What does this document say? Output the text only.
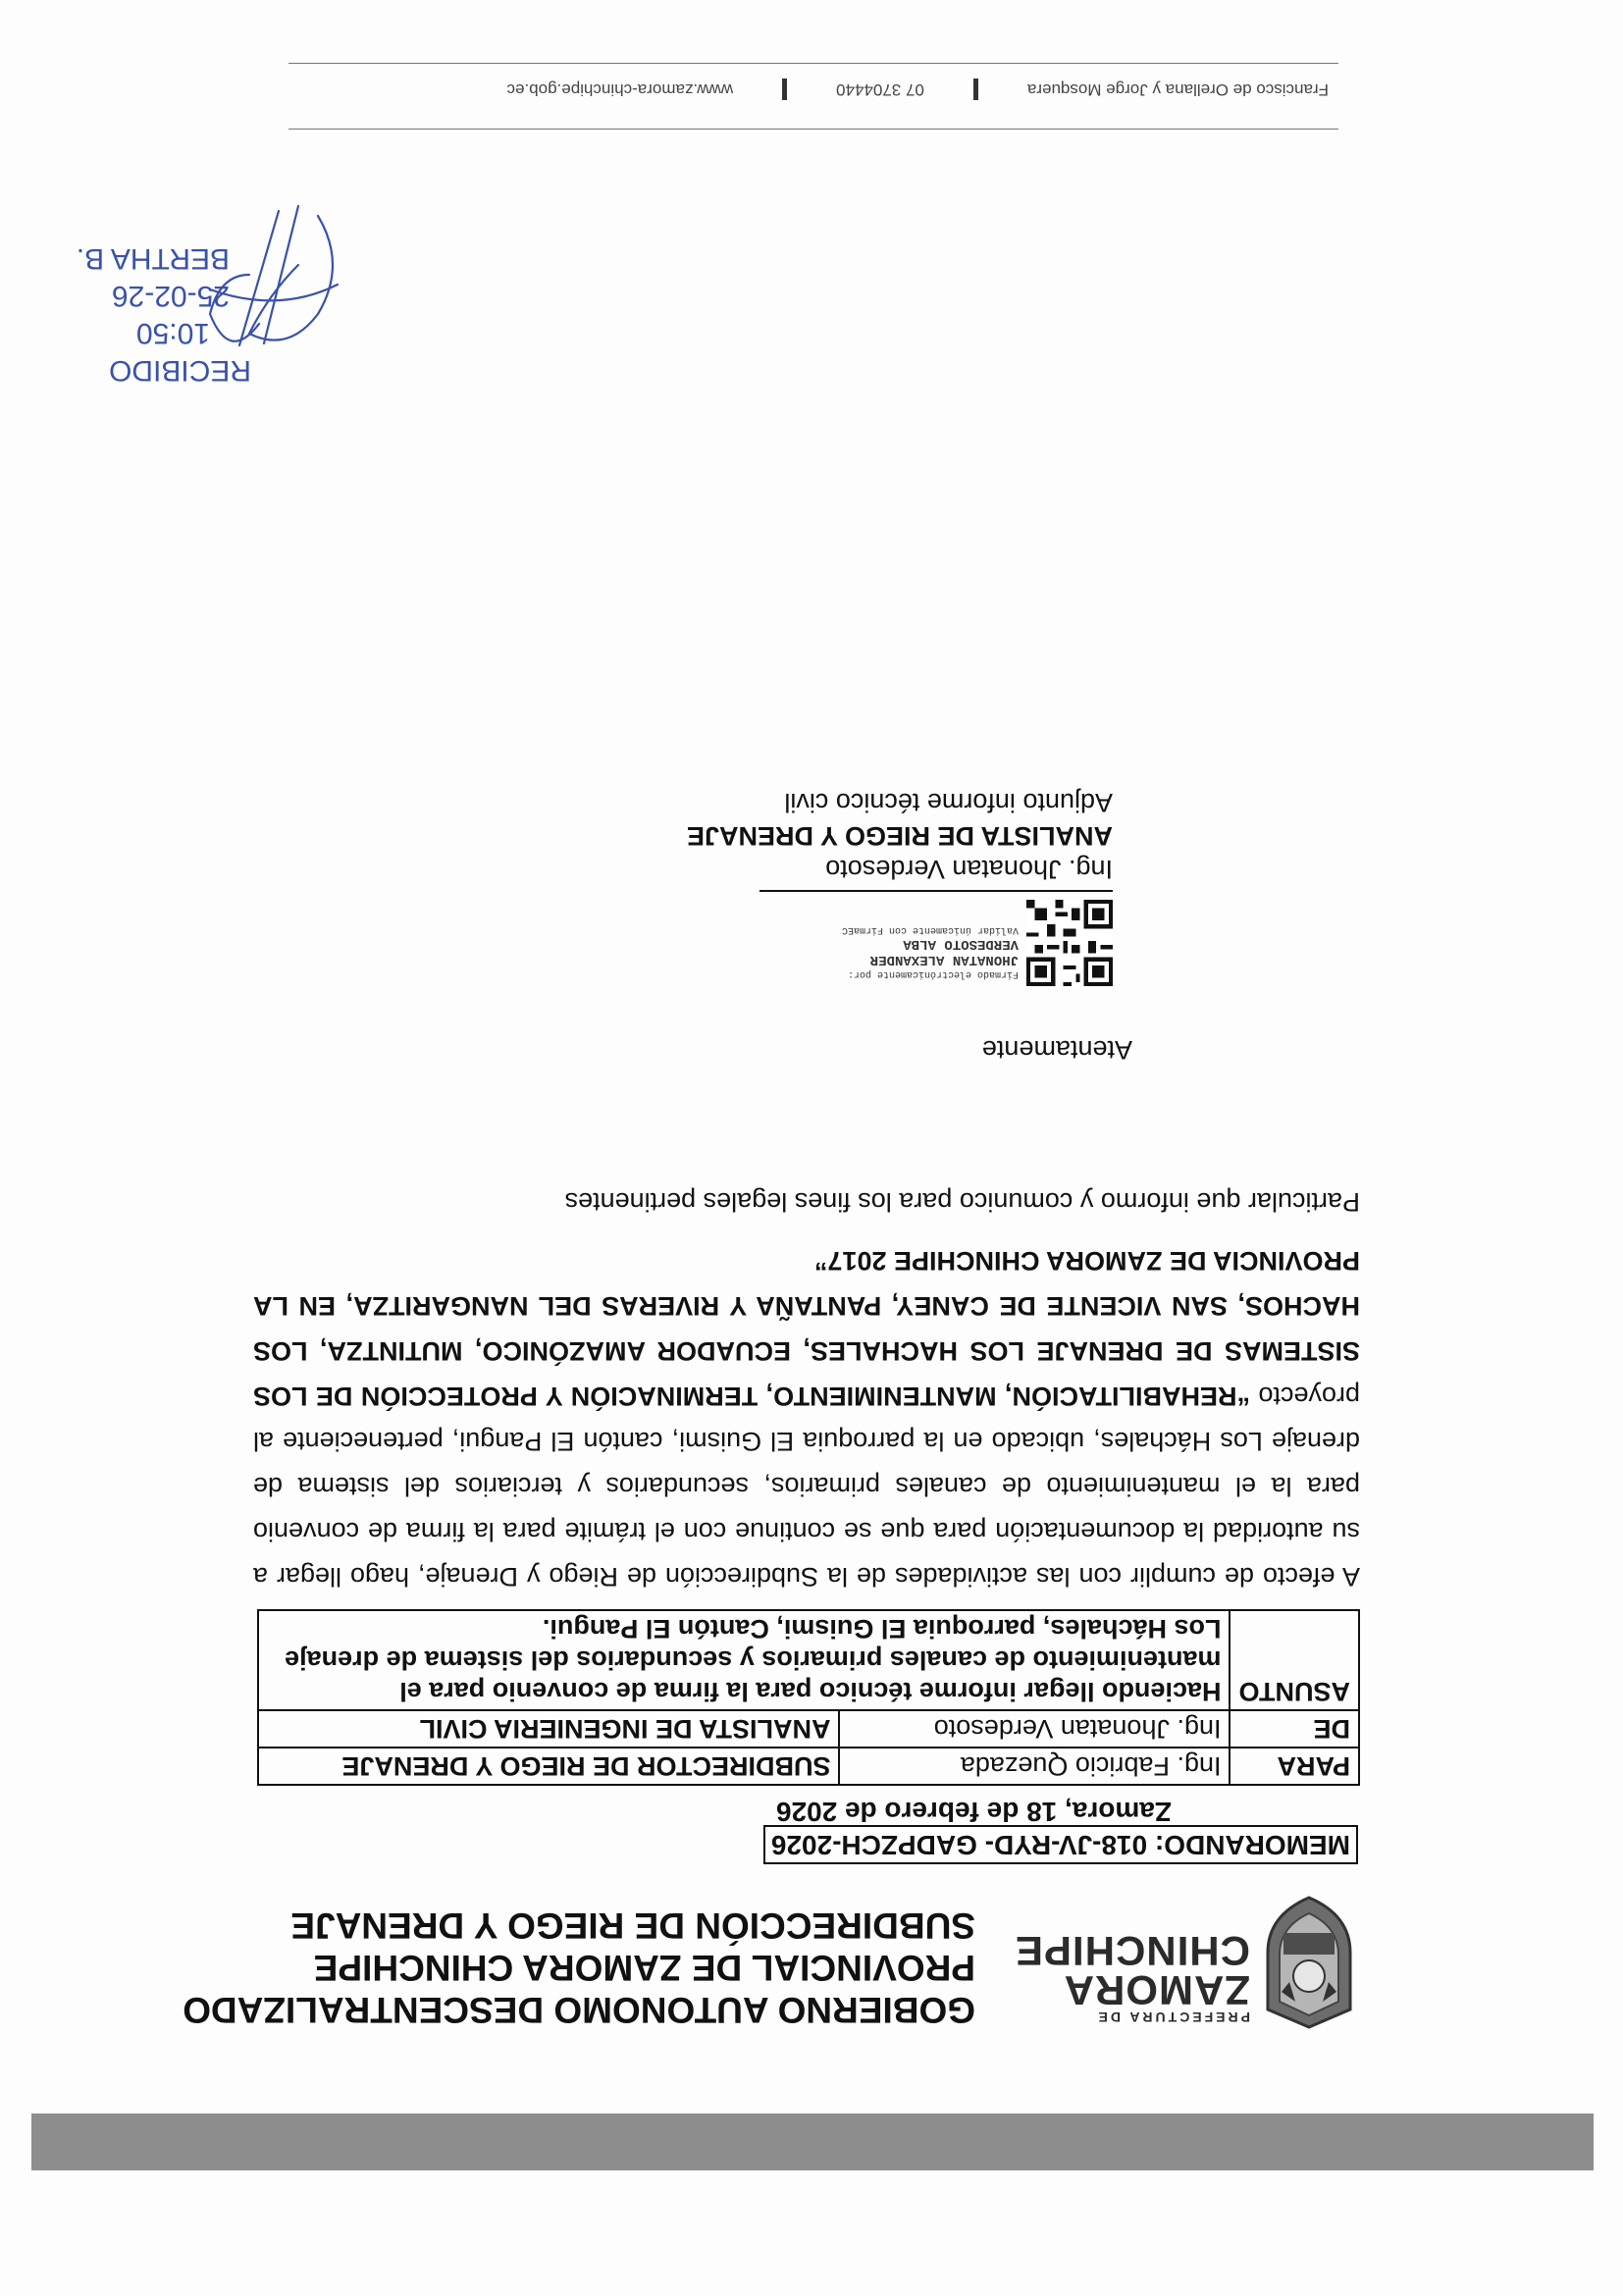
PREFECTURA DE
ZAMORA
CHINCHIPE
GOBIERNO AUTONOMO DESCENTRALIZADO
PROVINCIAL DE ZAMORA CHINCHIPE
SUBDIRECCIÓN DE RIEGO Y DRENAJE
MEMORANDO: 018-JV-RYD- GADPZCH-2026
Zamora, 18 de febrero de 2026
PARA	Ing. Fabricio Quezada	SUBDIRECTOR DE RIEGO Y DRENAJE
DE	Ing. Jhonatan Verdesoto	ANALISTA DE INGENIERIA CIVIL
ASUNTO	Haciendo llegar informe técnico para la firma de convenio para el mantenimiento de canales primarios y secundarios del sistema de drenaje Los Háchales, parroquia El Guismi, Cantón El Pangui.	
A efecto de cumplir con las actividades de la Subdirección de Riego y Drenaje, hago llegar a su autoridad la documentación para que se continue con el trámite para la firma de convenio para la el mantenimiento de canales primarios, secundarios y terciarios del sistema de drenaje Los Háchales, ubicado en la parroquia El Guismi, cantón El Pangui, perteneciente al proyecto “REHABILITACIÓN, MANTENIMIENTO, TERMINACIÓN Y PROTECCIÓN DE LOS SISTEMAS DE DRENAJE LOS HACHALES, ECUADOR AMAZÓNICO, MUTINTZA, LOS HACHOS, SAN VICENTE DE CANEY, PANTAÑA Y RIVERAS DEL NANGARITZA, EN LA PROVINCIA DE ZAMORA CHINCHIPE 2017”
Particular que informo y comunico para los fines legales pertinentes
Atentamente
Firmado electrónicamente por:
JHONATAN ALEXANDER
VERDESOTO ALBA
Validar únicamente con FirmaEC
Ing. Jhonatan Verdesoto
ANALISTA DE RIEGO Y DRENAJE
Adjunto informe técnico civil
RECIBIDO
10:50
25-02-26
BERTHA B.
Francisco de Orellana y Jorge Mosquera
07 3704440
www.zamora-chinchipe.gob.ec
